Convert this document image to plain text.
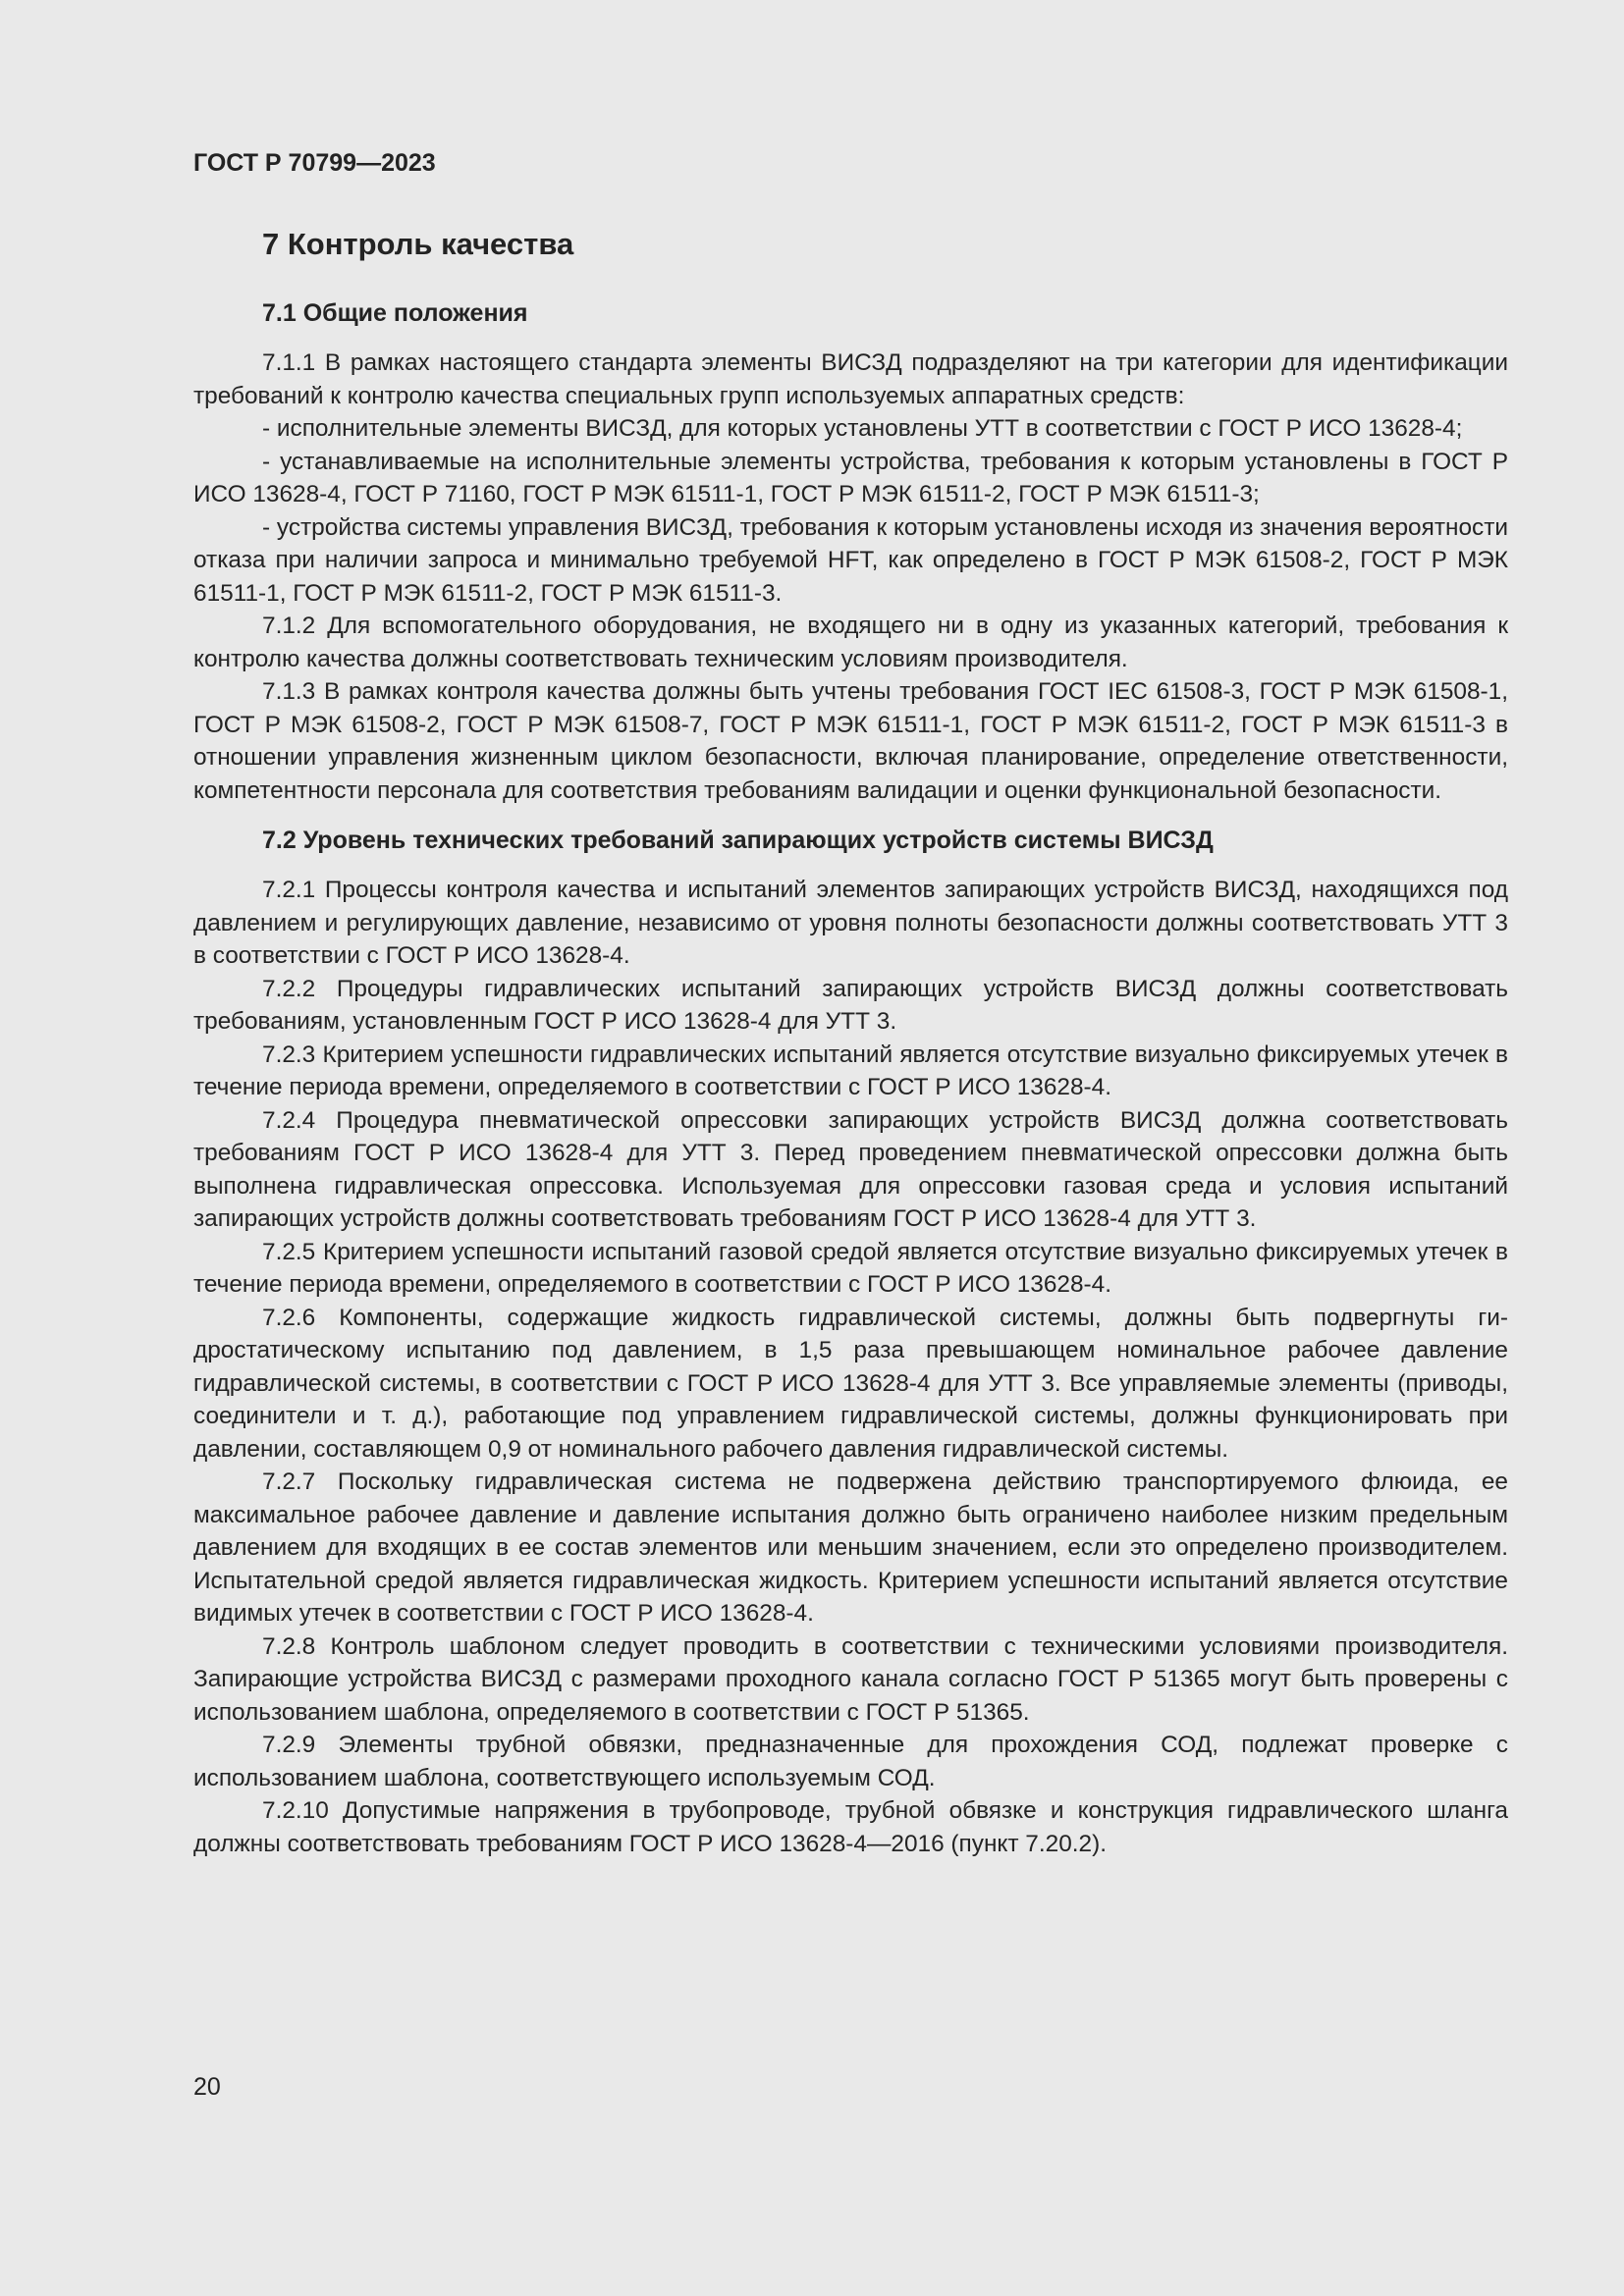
ГОСТ Р 70799—2023
7 Контроль качества
7.1 Общие положения

7.1.1 В рамках настоящего стандарта элементы ВИСЗД подразделяют на три категории для идентификации требований к контролю качества специальных групп используемых аппаратных средств:

- исполнительные элементы ВИСЗД, для которых установлены УТТ в соответствии с ГОСТ Р ИСО 13628-4;

- устанавливаемые на исполнительные элементы устройства, требования к которым установлены в ГОСТ Р ИСО 13628-4, ГОСТ Р 71160, ГОСТ Р МЭК 61511-1, ГОСТ Р МЭК 61511-2, ГОСТ Р МЭК 61511-3;

- устройства системы управления ВИСЗД, требования к которым установлены исходя из значения вероятности отказа при наличии запроса и минимально требуемой HFT, как определено в ГОСТ Р МЭК 61508-2, ГОСТ Р МЭК 61511-1, ГОСТ Р МЭК 61511-2, ГОСТ Р МЭК 61511-3.

7.1.2 Для вспомогательного оборудования, не входящего ни в одну из указанных категорий, требования к контролю качества должны соответствовать техническим условиям производителя.

7.1.3 В рамках контроля качества должны быть учтены требования ГОСТ IEC 61508-3, ГОСТ Р МЭК 61508-1, ГОСТ Р МЭК 61508-2, ГОСТ Р МЭК 61508-7, ГОСТ Р МЭК 61511-1, ГОСТ Р МЭК 61511-2, ГОСТ Р МЭК 61511-3 в отношении управления жизненным циклом безопасности, включая планирование, определение ответственности, компетентности персонала для соответствия требованиям валидации и оценки функциональной безопасности.

7.2 Уровень технических требований запирающих устройств системы ВИСЗД

7.2.1 Процессы контроля качества и испытаний элементов запирающих устройств ВИСЗД, находящихся под давлением и регулирующих давление, независимо от уровня полноты безопасности должны соответствовать УТТ 3 в соответствии с ГОСТ Р ИСО 13628-4.

7.2.2 Процедуры гидравлических испытаний запирающих устройств ВИСЗД должны соответствовать требованиям, установленным ГОСТ Р ИСО 13628-4 для УТТ 3.

7.2.3 Критерием успешности гидравлических испытаний является отсутствие визуально фиксируемых утечек в течение периода времени, определяемого в соответствии с ГОСТ Р ИСО 13628-4.

7.2.4 Процедура пневматической опрессовки запирающих устройств ВИСЗД должна соответствовать требованиям ГОСТ Р ИСО 13628-4 для УТТ 3. Перед проведением пневматической опрессовки должна быть выполнена гидравлическая опрессовка. Используемая для опрессовки газовая среда и условия испытаний запирающих устройств должны соответствовать требованиям ГОСТ Р ИСО 13628-4 для УТТ 3.

7.2.5 Критерием успешности испытаний газовой средой является отсутствие визуально фиксируемых утечек в течение периода времени, определяемого в соответствии с ГОСТ Р ИСО 13628-4.

7.2.6 Компоненты, содержащие жидкость гидравлической системы, должны быть подвергнуты гидростатическому испытанию под давлением, в 1,5 раза превышающем номинальное рабочее давление гидравлической системы, в соответствии с ГОСТ Р ИСО 13628-4 для УТТ 3. Все управляемые элементы (приводы, соединители и т. д.), работающие под управлением гидравлической системы, должны функционировать при давлении, составляющем 0,9 от номинального рабочего давления гидравлической системы.

7.2.7 Поскольку гидравлическая система не подвержена действию транспортируемого флюида, ее максимальное рабочее давление и давление испытания должно быть ограничено наиболее низким предельным давлением для входящих в ее состав элементов или меньшим значением, если это определено производителем. Испытательной средой является гидравлическая жидкость. Критерием успешности испытаний является отсутствие видимых утечек в соответствии с ГОСТ Р ИСО 13628-4.

7.2.8 Контроль шаблоном следует проводить в соответствии с техническими условиями производителя. Запирающие устройства ВИСЗД с размерами проходного канала согласно ГОСТ Р 51365 могут быть проверены с использованием шаблона, определяемого в соответствии с ГОСТ Р 51365.

7.2.9 Элементы трубной обвязки, предназначенные для прохождения СОД, подлежат проверке с использованием шаблона, соответствующего используемым СОД.

7.2.10 Допустимые напряжения в трубопроводе, трубной обвязке и конструкция гидравлического шланга должны соответствовать требованиям ГОСТ Р ИСО 13628-4—2016 (пункт 7.20.2).

20
